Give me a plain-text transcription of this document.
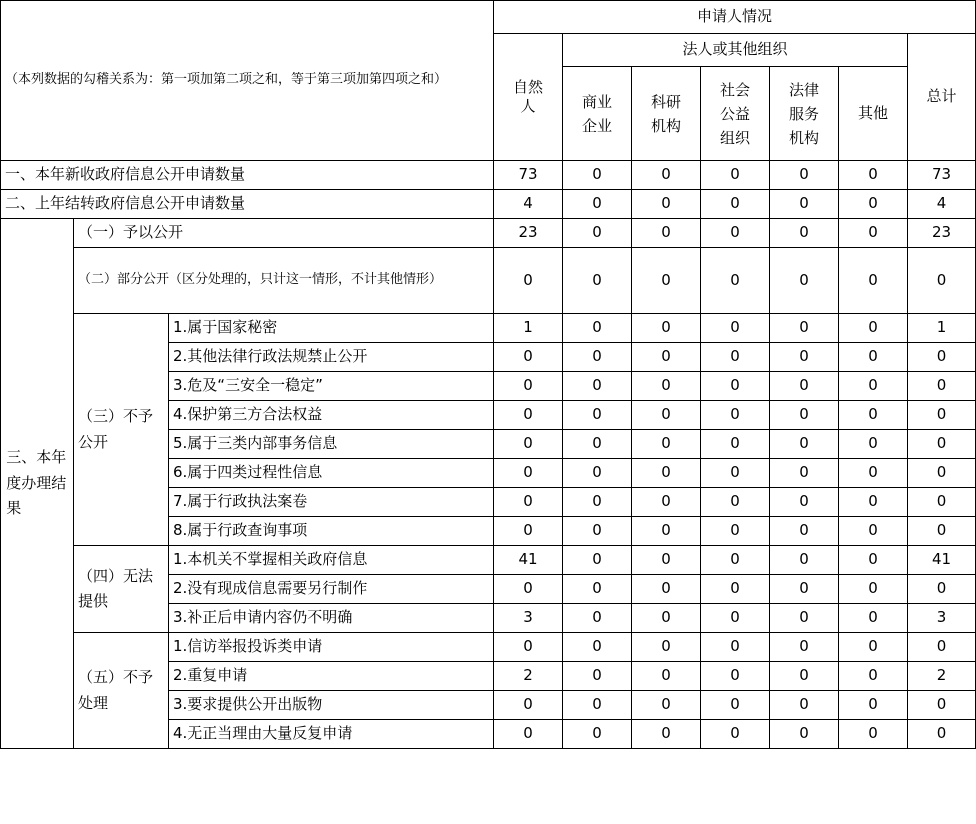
（本列数据的勾稽关系为：第一项加第二项之和，等于第三项加第四项之和）			申请人情况						

			自然人	法人或其他组织					总计

				商业企业	科研机构	社会公益组织	法律服务机构	其他	
一、本年新收政府信息公开申请数量			73	0	0	0	0	0	73
二、上年结转政府信息公开申请数量			4	0	0	0	0	0	4

三、本年度办理结果	（一）予以公开		23	0	0	0	0	0	23
	（二）部分公开（区分处理的，只计这一情形，不计其他情形）		0	0	0	0	0	0	0

	（三）不予公开	1.属于国家秘密	1	0	0	0	0	0	1
		2.其他法律行政法规禁止公开	0	0	0	0	0	0	0
		3.危及“三安全一稳定”	0	0	0	0	0	0	0
		4.保护第三方合法权益	0	0	0	0	0	0	0
		5.属于三类内部事务信息	0	0	0	0	0	0	0
		6.属于四类过程性信息	0	0	0	0	0	0	0
		7.属于行政执法案卷	0	0	0	0	0	0	0
		8.属于行政查询事项	0	0	0	0	0	0	0

	（四）无法提供	1.本机关不掌握相关政府信息	41	0	0	0	0	0	41
		2.没有现成信息需要另行制作	0	0	0	0	0	0	0
		3.补正后申请内容仍不明确	3	0	0	0	0	0	3

	（五）不予处理	1.信访举报投诉类申请	0	0	0	0	0	0	0
		2.重复申请	2	0	0	0	0	0	2
		3.要求提供公开出版物	0	0	0	0	0	0	0
		4.无正当理由大量反复申请	0	0	0	0	0	0	0
